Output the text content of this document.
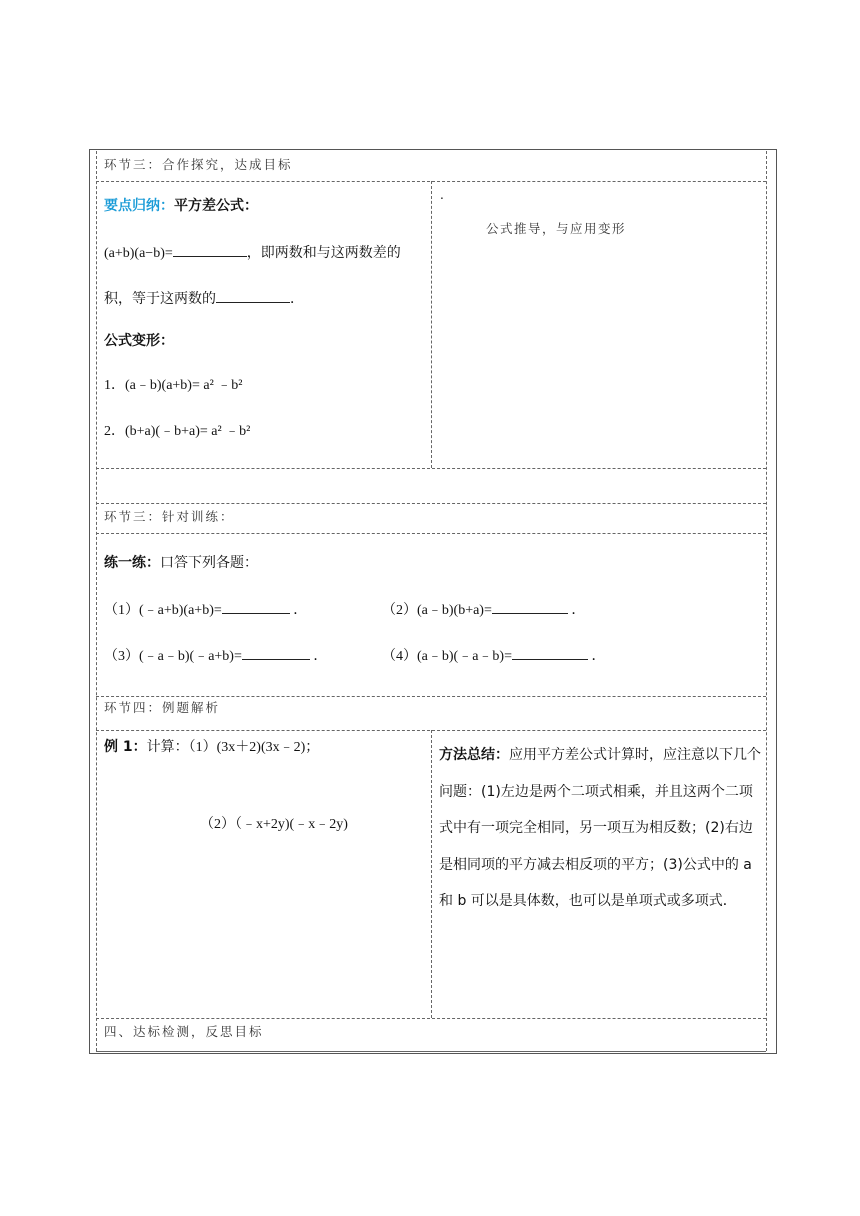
环节三：合作探究，达成目标
环节三：针对训练：
环节四：例题解析
四、达标检测，反思目标
要点归纳：平方差公式：
(a+b)(a−b)=	，即两数和与这两数差的
积，等于这两数的	．
公式变形：
1．(a﹣b)(a+b)= a² ﹣b²
2．(b+a)(﹣b+a)= a² ﹣b²
.
公式推导，与应用变形
练一练：口答下列各题：
（1）(﹣a+b)(a+b)=	．	（2）(a﹣b)(b+a)=	．
（3）(﹣a﹣b)(﹣a+b)=	．	（4）(a﹣b)(﹣a﹣b)=	．
例 1：计算：（1）(3x＋2)(3x﹣2)；
（2）（﹣x+2y)(﹣x﹣2y)
方法总结：应用平方差公式计算时，应注意以下几个问题：(1)左边是两个二项式相乘，并且这两个二项式中有一项完全相同，另一项互为相反数；(2)右边是相同项的平方减去相反项的平方；(3)公式中的 a 和 b 可以是具体数，也可以是单项式或多项式．
